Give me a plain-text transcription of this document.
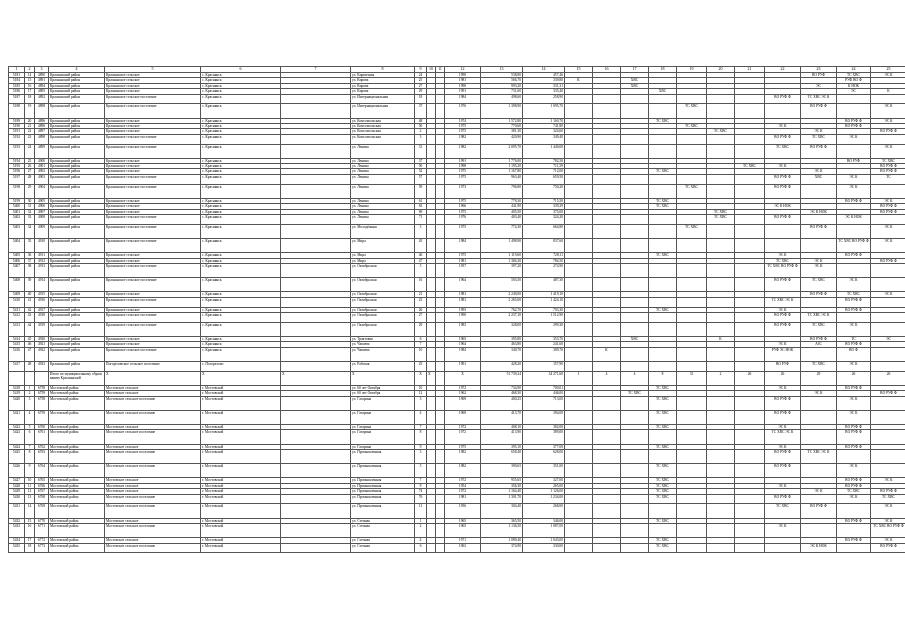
1	2	3	4	5	6	7	8	9	10	11	12	13	14	15	16	17	18	19	20	21	22	23	24	25
5181	14	4890	Краснянский район	Краснянское сельское	с. Краснянск		ул. Кирпичная	24			1990	538,80	457,46									ВО РУФ	ТС ХВС	ЭС К
5184	15	4891	Краснянский район	Краснянское сельское	с. Краснянск		ул. Кирова	25			1981	566,70	339,80	К		ХВС							РУФ ВО Ф	
5185	16	4894	Краснянский район	Краснянское сельское	с. Краснянск		ул. Кирова	27			1990	993,20	331,31			ХВС						ЭС	К НОК	
5186	17	4895	Краснянский район	Краснянское сельское	с. Краснянск		ул. Кирова	29			1991	731,60	335,40				ХВС						ЭС	К
5187	18	4892	Краснянский район	Краснянское сельское поселение	с. Краснянск		ул. Интернациональная	18			1984	498,60	258,90								ВО РУФ Ф	ТС ХВС ЭС К		
5188	19	4898	Краснянский район	Краснянское сельское поселение	с. Краснянск		ул. Интернациональная	37			1976	1 398,90	1 095,70					ТС ХВС				ВО РУФ Ф		ЭС К
5189	20	4896	Краснянский район	Краснянское сельское	с. Краснянск		ул. Комсомольская	48			1974	1 572,80	1 160,70				ТС ХВС						ВО РУФ Ф	ЭС К
5190	21	4896	Краснянский район	Краснянское сельское	с. Краснянск		ул. Комсомольская	50			1975	770,60	741,80					ТС ХВС			ЭС К		ВО РУФ Ф	
5191	22	4897	Краснянский район	Краснянское сельское	с. Краснянск		ул. Комсомольская	2			1975	381,30	324,60						ТС ХВС			ЭС К		ВО РУФ Ф
5192	23	4898	Краснянский район	Краснянское сельское поселение	с. Краснянск		ул. Комсомольская	3			1982	420,90	349,40								ВО РУФ Ф	ТС ХВС	ЭС К	
5193	24	4899	Краснянский район	Краснянское сельское поселение	с. Краснянск		ул. Ленина	31			1982	2 095,70	1 440,00								ТС ХВС	ВО РУФ Ф		ЭС К
5194	25	4900	Краснянский район	Краснянское сельское	с. Краснянск		ул. Ленина	37			1991	1 776,00	782,50										ВО РУФ	ТС ХВС
5195	26	4901	Краснянский район	Краснянское сельское	с. Краснянск		ул. Ленина	50			1998	1 195,20	711,59							ТС ХВС	ЭС К			ВО РУФ Ф
5196	27	4902	Краснянский район	Краснянское сельское	с. Краснянск		ул. Ленина	52			1975	1 167,80	712,00				ТС ХВС					ЭС К		ВО РУФ Ф
5197	28	4903	Краснянский район	Краснянское сельское поселение	с. Краснянск		ул. Ленина	57			1975	963,40	659,50								ВО РУФ Ф	ХВС	ЭС К	ТС
5198	29	4904	Краснянский район	Краснянское сельское поселение	с. Краснянск		ул. Ленина	59			1973	796,80	750,20					ТС ХВС			ВО РУФ Ф		ЭС К	
5199	30	4905	Краснянский район	Краснянское сельское	с. Краснянск		ул. Ленина	61			1975	778,30	715,50				ТС ХВС						ВО РУФ Ф	ЭС К
5400	31	4906	Краснянский район	Краснянское сельское	с. Краснянск		ул. Ленина	63			1966	441,90	339,29				ТС ХВС				ЭС К НОК			ВО РУФ Ф
5401	32	4907	Краснянский район	Краснянское сельское	с. Краснянск		ул. Ленина	69			1975	405,50	375,00						ТС ХВС			ЭС К НОК		ВО РУФ Ф
5402	33	4908	Краснянский район	Краснянское сельское поселение	с. Краснянск		ул. Ленина	71			1976	403,40	324,20						ТС ХВС		ВО РУФ Ф		ЭС К НОК	
5403	34	4909	Краснянский район	Краснянское сельское поселение	с. Краснянск		ул. Молодёжная	3			1975	774,30	664,80					ТС ХВС				ВО РУФ Ф		ЭС К
5404	35	4910	Краснянский район	Краснянское сельское поселение	с. Краснянск		ул. Мира	45			1984	1 498,90	837,60										ТС ХВС ВО РУФ Ф	ЭС К
5405	36	4911	Краснянский район	Краснянское сельское	с. Краснянск		ул. Мира	46			1975	1 119,60	728,11				ТС ХВС				ЭС К		ВО РУФ Ф	
5406	37	4912	Краснянский район	Краснянское сельское	с. Краснянск		ул. Мира	47			1981	1 384,30	784,50								ТС ХВС	ЭС К		ВО РУФ Ф
5407	38	4913	Краснянский район	Краснянское сельское поселение	с. Краснянск		ул. Октябрьская	5			1957	397,20	274,90								ТС ХВС ВО РУФ Ф	ЭС К		
5408	39	4914	Краснянский район	Краснянское сельское поселение	с. Краснянск		ул. Октябрьская	16			1964	503,50	487,30								ВО РУФ Ф	ТС ХВС	ЭС К	
5409	40	4915	Краснянский район	Краснянское сельское	с. Краснянск		ул. Октябрьская	21			1981	2 249,00	1 419,10									ВО РУФ Ф	ТС ХВС	ЭС К
5410	41	4916	Краснянский район	Краснянское сельское поселение	с. Краснянск		ул. Октябрьская	23			1981	2 265,00	1 424,10								ТС ХВС ЭС К		ВО РУФ Ф	
5411	42	4917	Краснянский район	Краснянское сельское	с. Краснянск		ул. Октябрьская	26			1993	762,70	703,30				ТС ХВС				ЭС К		ВО РУФ Ф	
5412	43	4918	Краснянский район	Краснянское сельское поселение	с. Краснянск		ул. Октябрьская	27			1990	2 237,10	1 512,90								ВО РУФ Ф	ТС ХВС ЭС К		
5413	44	4919	Краснянский район	Краснянское сельское поселение	с. Краснянск		ул. Октябрьская	29			1983	328,00	299,30								ВО РУФ Ф	ТС ХВС	ЭС К	
5414	45	4920	Краснянский район	Краснянское сельское	с. Краснянск		ул. Трактовая	6			1965	395,80	353,70			ХВС			К			ВО РУФ Ф	ТС	ЭС
5415	46	4921	Краснянский район	Краснянское сельское	с. Краснянск		ул. Чапаева	7			1964	463,80	241,60								ЭС К	АЗС	ВО РУФ Ф	
5416	47	4922	Краснянский район	Краснянское сельское поселение	с. Краснянск		ул. Чапаева	10			1984	340,70	309,70		К						РУФ ЭС НОК		ВО Ф	
5417	48	4923	Краснянский район	Погореловское сельское поселение	с. Погорелово		ул. Рабочая	25			1991	428,20	157,90								ВО РУФ	ТС ХВС	ЭС К	
			Итого по муниципальному образованию Краснянский	X	X	X	X	X	X		Х	51 739,24	34 271,60	1	4	4	8	31	2	26	26	29	26	26
5418	1	6758	Мостовской район	Мостовское сельское	г. Мостовской		ул. 60 лет Октября	10			1972	734,90	700,01				ТС ХВС				ЭС К		ВО РУФ Ф	
5419	2	6759	Мостовской район	Мостовское сельское	г. Мостовской		ул. 60 лет Октября	12			1962	468,30	446,00			ТС ХВС						ЭС К		ВО РУФ Ф
5420	3	6758	Мостовской район	Мостовское сельское поселение	г. Мостовской		ул. Гагарина	3			1969	400,25	713,00				ТС ХВС				ВО РУФ Ф		ЭС К	
5421	4	6759	Мостовской район	Мостовское сельское поселение	г. Мостовской		ул. Гагарина	4			1969	413,70	394,00				ТС ХВС				ВО РУФ Ф		ЭС К	
5422	5	6760	Мостовской район	Мостовское сельское	г. Мостовской		ул. Гагарина	7			1972	408,10	382,00				ТС ХВС				ЭС К		ВО РУФ Ф	
5423	6	6761	Мостовской район	Мостовское сельское поселение	г. Мостовской		ул. Гагарина	8			1972	413,90	389,00								ТС ХВС ЭС К		ВО РУФ Ф	
5424	7	6762	Мостовской район	Мостовское сельское	г. Мостовской		ул. Гагарина	9			1975	395,10	377,00				ТС ХВС				ЭС К		ВО РУФ Ф	
5425	8	6763	Мостовской район	Мостовское сельское поселение	г. Мостовской		ул. Промышленная	3			1982	658,40	628,00								ВО РУФ Ф	ТС ХВС ЭС К		
5426	9	6764	Мостовской район	Мостовское сельское поселение	г. Мостовской		ул. Промышленная	5			1982	390,65	351,00				ТС ХВС				ВО РУФ Ф		ЭС К	
5427	10	6765	Мостовской район	Мостовское сельское	г. Мостовской		ул. Промышленная	7			1972	955,65	327,00				ТС ХВС						ВО РУФ Ф	ЭС К
5428	11	6766	Мостовской район	Мостовское сельское	г. Мостовской		ул. Промышленная	9			1954	356,30	265,00				ТС ХВС				ЭС К		ВО РУФ Ф	
5429	12	6767	Мостовской район	Мостовское сельское	г. Мостовской		ул. Промышленная	74			1972	1 164,40	1 126,00				ТС ХВС					ЭС К	ТС ХВС	ВО РУФ Ф
5430	13	6768	Мостовской район	Мостовское сельское поселение	г. Мостовской		ул. Промышленная	76			1981	1 301,70	1 234,00				ТС ХВС				ВО РУФ Ф		ЭС К	ТС ХВС
5431	14	6769	Мостовской район	Мостовское сельское поселение	г. Мостовской		ул. Промышленная	11			1956	304,40	268,00								ТС ХВС	ВО РУФ Ф		ЭС К
5432	15	6770	Мостовской район	Мостовское сельское	г. Мостовской		ул. Степная	1			1965	365,50	346,00				ТС ХВС						ВО РУФ Ф	ЭС К
5433	16	6771	Мостовской район	Мостовское сельское поселение	г. Мостовской		ул. Степная	2			1965	1 136,50	1 087,00								ЭС К			ТС ХВС ВО РУФ Ф
5434	17	6772	Мостовской район	Мостовское сельское	г. Мостовской		ул. Степная	4			1971	1 089,40	1 043,00				ТС ХВС						ВО РУФ Ф	ЭС К
5435	18	6773	Мостовской район	Мостовское сельское поселение	г. Мостовской		ул. Степная	6			1963	374,90	330,00				ТС ХВС					ЭС К НОК		ВО РУФ Ф
